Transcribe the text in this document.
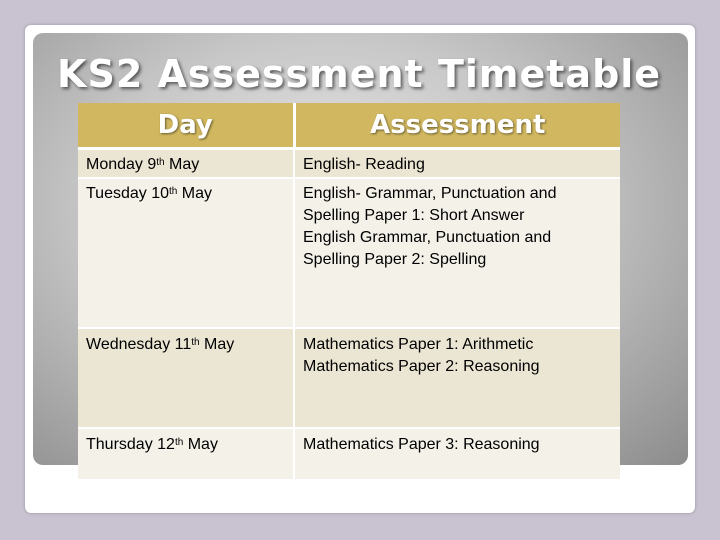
KS2 Assessment Timetable
Day	Assessment
Monday 9th May	English- Reading

Tuesday 10th May	English- Grammar, Punctuation and
Spelling Paper 1: Short Answer
English Grammar, Punctuation and
Spelling Paper 2: Spelling

Wednesday 11th May	Mathematics Paper 1: Arithmetic
Mathematics Paper 2: Reasoning

Thursday 12th May	Mathematics Paper 3: Reasoning
